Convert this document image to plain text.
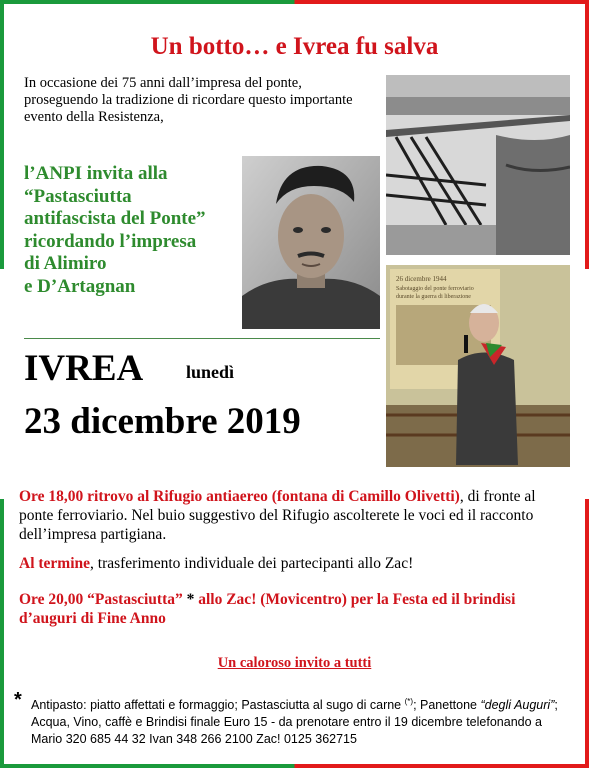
Un botto… e Ivrea fu salva
In occasione dei 75 anni dall’impresa del ponte, proseguendo la tradizione di ricordare questo importante evento della Resistenza,
l’ANPI invita alla
“Pastasciutta
antifascista del Ponte”
ricordando l’impresa
di Alimiro
e D’Artagnan	26 dicembre 1944
Sabotaggio del ponte ferroviario
durante la guerra di liberazione
IVREA lunedì
23 dicembre 2019
Ore 18,00 ritrovo al Rifugio antiaereo (fontana di Camillo Olivetti), di fronte al ponte ferroviario. Nel buio suggestivo del Rifugio ascolterete le voci ed il racconto dell’impresa partigiana.
Al termine, trasferimento individuale dei partecipanti allo Zac!
Ore 20,00 “Pastasciutta” * allo Zac! (Movicentro) per la Festa ed il brindisi d’auguri di Fine Anno
Un caloroso invito a tutti
* Antipasto: piatto affettati e formaggio; Pastasciutta al sugo di carne (*); Panettone “degli Auguri”; Acqua, Vino, caffè e Brindisi finale Euro 15 - da prenotare entro il 19 dicembre telefonando a Mario 320 685 44 32 Ivan 348 266 2100 Zac! 0125 362715
